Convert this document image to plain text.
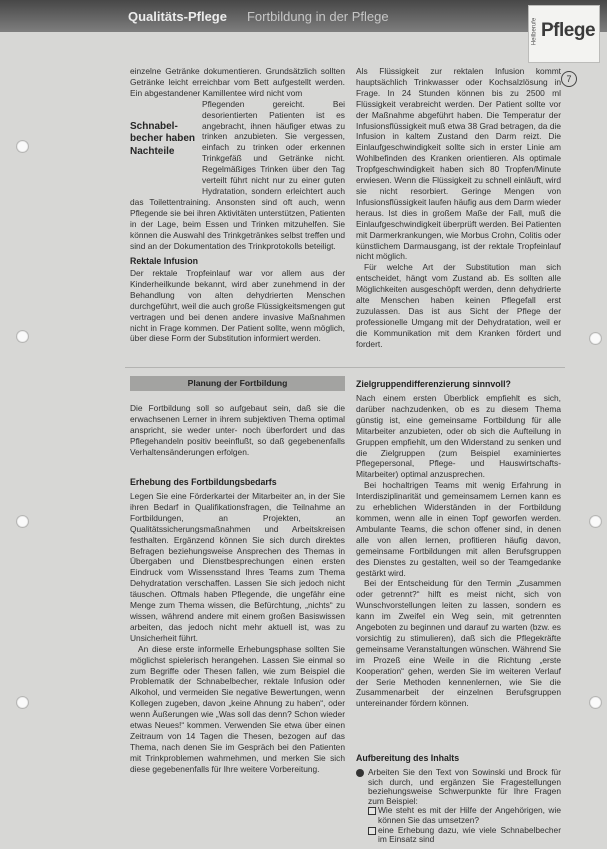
Qualitäts-Pflege Fortbildung in der Pflege
Heilberufe Pflege
7

einzelne Getränke dokumentieren. Grundsätzlich sollten Getränke leicht erreichbar vom Bett aufgestellt werden. Ein abgestandener Kamillentee wird nicht vom

Schnabel-
becher haben
Nachteile
Pflegenden gereicht. Bei desorientierten Patienten ist es angebracht, ihnen häufiger etwas zu trinken anzubieten. Sie vergessen, einfach zu trinken oder erkennen Trinkgefäß und Getränke nicht. Regelmäßiges Trinken über den Tag verteilt führt nicht nur zu einer guten Hydratation, sondern erleichtert auch das Toilettentraining. Ansonsten sind oft auch, wenn Pflegende sie bei ihren Aktivitäten unterstützen, Patienten in der Lage, beim Essen und Trinken mitzuhelfen. Sie können die Auswahl des Trinkgetränkes selbst treffen und sind an der Dokumentation des Trinkprotokolls beteiligt.
Rektale Infusion

Der rektale Tropfeinlauf war vor allem aus der Kinderheilkunde bekannt, wird aber zunehmend in der Behandlung von alten dehydrierten Menschen durchgeführt, weil die auch große Flüssigkeitsmengen gut vertragen und bei denen andere invasive Maßnahmen nicht in Frage kommen. Der Patient sollte, wenn möglich, über diese Form der Substitution informiert werden.

Als Flüssigkeit zur rektalen Infusion kommt hauptsächlich Trinkwasser oder Kochsalzlösung in Frage. In 24 Stunden können bis zu 2500 ml Flüssigkeit verabreicht werden. Der Patient sollte vor der Maßnahme abgeführt haben. Die Temperatur der Infusionsflüssigkeit muß etwa 38 Grad betragen, da die Infusion in kaltem Zustand den Darm reizt. Die Einlaufgeschwindigkeit sollte sich in erster Linie am Wohlbefinden des Kranken orientieren. Als optimale Tropfgeschwindigkeit haben sich 80 Tropfen/Minute erwiesen. Wenn die Flüssigkeit zu schnell einläuft, wird sie nicht resorbiert. Geringe Mengen von Infusionsflüssigkeit laufen häufig aus dem Darm wieder heraus. Ist dies in großem Maße der Fall, muß die Einlaufgeschwindigkeit überprüft werden. Bei Patienten mit Darmerkrankungen, wie Morbus Crohn, Colitis oder künstlichem Darmausgang, ist der rektale Tropfeinlauf nicht möglich.

Für welche Art der Substitution man sich entscheidet, hängt vom Zustand ab. Es sollten alle Möglichkeiten ausgeschöpft werden, denn dehydrierte alte Menschen haben keinen Pflegefall erst zuzulassen. Das ist aus Sicht der Pflege der professionelle Umgang mit der Dehydratation, weil er die Kommunikation mit dem Kranken fördert und fordert.

Planung der Fortbildung

Die Fortbildung soll so aufgebaut sein, daß sie die erwachsenen Lerner in ihrem subjektiven Thema optimal anspricht, sie weder unter- noch überfordert und das Pflegehandeln positiv beeinflußt, so daß gegebenenfalls Verhaltensänderungen erfolgen.

Erhebung des Fortbildungsbedarfs

Legen Sie eine Förderkartei der Mitarbeiter an, in der Sie ihren Bedarf in Qualifikationsfragen, die Teilnahme an Fortbildungen, an Projekten, an Qualitätssicherungsmaßnahmen und Arbeitskreisen festhalten. Ergänzend können Sie sich durch direktes Befragen beziehungsweise Ansprechen des Themas in Übergaben und Dienstbesprechungen einen ersten Eindruck vom Wissensstand Ihres Teams zum Thema Dehydratation verschaffen. Lassen Sie sich jedoch nicht täuschen. Oftmals haben Pflegende, die ungefähr eine Menge zum Thema wissen, die Befürchtung, „nichts“ zu wissen, während andere mit einem großen Basiswissen arbeiten, das jedoch nicht mehr aktuell ist, was zu Unsicherheit führt.

An diese erste informelle Erhebungsphase sollten Sie möglichst spielerisch herangehen. Lassen Sie einmal so zum Begriffe oder Thesen fallen, wie zum Beispiel die Problematik der Schnabelbecher, rektale Infusion oder Alkohol, und vermeiden Sie negative Bewertungen, wenn Kollegen zugeben, davon „keine Ahnung zu haben“, oder wenn Äußerungen wie „Was soll das denn? Schon wieder etwas Neues!“ kommen. Verwenden Sie etwa über einen Zeitraum von 14 Tagen die Thesen, bezogen auf das Thema, nach denen Sie im Gespräch bei den Patienten mit Trinkproblemen wahrnehmen, und merken Sie sich diese gegebenenfalls für Ihre weitere Vorbereitung.

Zielgruppendifferenzierung sinnvoll?

Nach einem ersten Überblick empfiehlt es sich, darüber nachzudenken, ob es zu diesem Thema günstig ist, eine gemeinsame Fortbildung für alle Mitarbeiter anzubieten, oder ob sich die Aufteilung in Gruppen empfiehlt, um den Widerstand zu senken und die Zielgruppen (zum Beispiel examiniertes Pflegepersonal, Pflege- und Hauswirtschafts-Mitarbeiter) optimal anzusprechen.

Bei hochaltrigen Teams mit wenig Erfahrung in Interdisziplinarität und gemeinsamem Lernen kann es zu erheblichen Widerständen in der Fortbildung kommen, wenn alle in einen Topf geworfen werden. Ambulante Teams, die schon offener sind, in denen alle von allen lernen, profitieren häufig davon, gemeinsame Fortbildungen mit allen Berufsgruppen des Dienstes zu gestalten, weil so der Teamgedanke gestärkt wird.

Bei der Entscheidung für den Termin „Zusammen oder getrennt?“ hilft es meist nicht, sich von Wunschvorstellungen leiten zu lassen, sondern es kann im Zweifel ein Weg sein, mit getrennten Angeboten zu beginnen und darauf zu warten (bzw. es vorsichtig zu stimulieren), daß sich die Pflegekräfte gemeinsame Veranstaltungen wünschen. Während Sie im Prozeß eine Weile in die Richtung „erste Kooperation“ gehen, werden Sie im weiteren Verlauf der Serie Methoden kennenlernen, wie Sie die Zusammenarbeit der einzelnen Berufsgruppen untereinander fördern können.

Aufbereitung des Inhalts
Arbeiten Sie den Text von Sowinski und Brock für sich durch, und ergänzen Sie Fragestellungen beziehungsweise Schwerpunkte für Ihre Fragen zum Beispiel:
Wie steht es mit der Hilfe der Angehörigen, wie können Sie das umsetzen?
eine Erhebung dazu, wie viele Schnabelbecher im Einsatz sind
